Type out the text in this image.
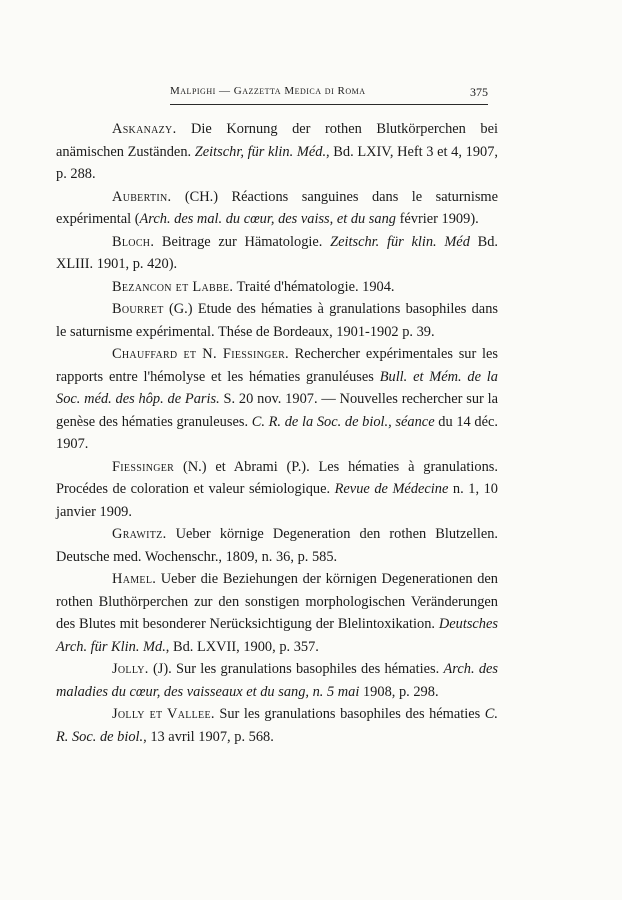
Malpighi — Gazzetta Medica di Roma	375

Askanazy. Die Kornung der rothen Blutkörperchen bei anämischen Zuständen. Zeitschr, für klin. Méd., Bd. LXIV, Heft 3 et 4, 1907, p. 288.

Aubertin. (CH.) Réactions sanguines dans le saturnisme expérimental (Arch. des mal. du cœur, des vaiss, et du sang février 1909).

Bloch. Beitrage zur Hämatologie. Zeitschr. für klin. Méd Bd. XLIII. 1901, p. 420).

Bezancon et Labbe. Traité d'hématologie. 1904.

Bourret (G.) Etude des hématies à granulations basophiles dans le saturnisme expérimental. Thése de Bordeaux, 1901-1902 p. 39.

Chauffard et N. Fiessinger. Rechercher expérimentales sur les rapports entre l'hémolyse et les hématies granuléuses Bull. et Mém. de la Soc. méd. des hôp. de Paris. S. 20 nov. 1907. — Nouvelles rechercher sur la genèse des hématies granuleuses. C. R. de la Soc. de biol., séance du 14 déc. 1907.

Fiessinger (N.) et Abrami (P.). Les hématies à granulations. Procédes de coloration et valeur sémiologique. Revue de Médecine n. 1, 10 janvier 1909.

Grawitz. Ueber körnige Degeneration den rothen Blutzellen. Deutsche med. Wochenschr., 1809, n. 36, p. 585.

Hamel. Ueber die Beziehungen der körnigen Degenerationen den rothen Bluthörperchen zur den sonstigen morphologischen Veränderungen des Blutes mit besonderer Nerücksichtigung der Blelintoxikation. Deutsches Arch. für Klin. Md., Bd. LXVII, 1900, p. 357.

Jolly. (J). Sur les granulations basophiles des hématies. Arch. des maladies du cœur, des vaisseaux et du sang, n. 5 mai 1908, p. 298.

Jolly et Vallee. Sur les granulations basophiles des hématies C. R. Soc. de biol., 13 avril 1907, p. 568.
